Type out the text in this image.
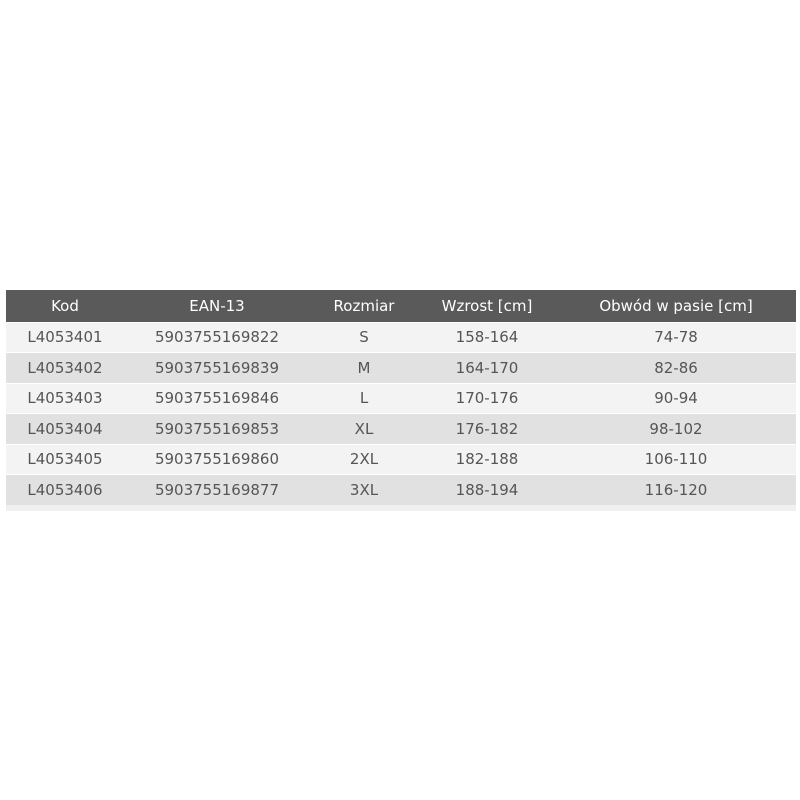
Kod	EAN-13	Rozmiar	Wzrost [cm]	Obwód w pasie [cm]
L4053401	5903755169822	S	158-164	74-78
L4053402	5903755169839	M	164-170	82-86
L4053403	5903755169846	L	170-176	90-94
L4053404	5903755169853	XL	176-182	98-102
L4053405	5903755169860	2XL	182-188	106-110
L4053406	5903755169877	3XL	188-194	116-120
